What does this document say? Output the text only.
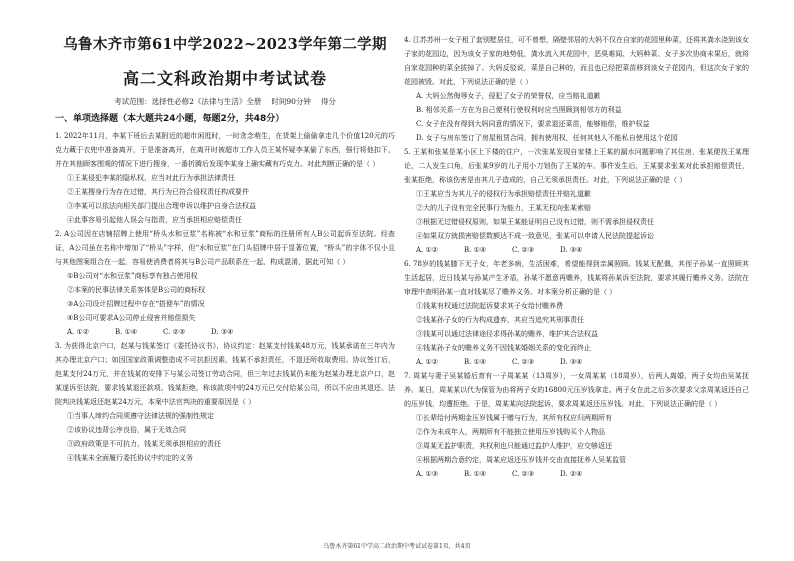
乌鲁木齐市第61中学2022~2023学年第二学期
高二文科政治期中考试试卷
考试范围：选择性必修2《法律与生活》全册 时间90分钟 得分
一、单项选择题（本大题共24小题，每题2分，共48分）
1. 2022年11月，李某下班后去某附近的超市闲逛时，一时贪念萌生，在货架上偷偷拿走几个价值120元的巧克力藏于衣兜中准备离开，于是准备离开，在离开时被超市工作人员王某怀疑李某偷了东西，强行将他扣下，并在其他顾客围观的情况下进行搜身，一番折腾后发现李某身上确实藏有巧克力。对此判断正确的是（ ）
①王某侵犯李某的隐私权，应当对此行为承担法律责任
②王某搜身行为存在过错，其行为已符合侵权责任构成要件
③李某可以依法向相关部门提出合理申诉以维护自身合法权益
④此事容易引起他人误会与指责，应当承担相应赔偿责任
2. A公司因在店铺招牌上使用“桥头水和豆浆”名称被“水和豆浆”商标的注册所有人B公司起诉至法院。经查证，A公司虽在名称中增加了“桥头”字样，但“水和豆浆”在门头招牌中居于显著位置，“桥头”的字体不仅小且与其他图案组合在一起，容易使消费者将其与B公司产品联系在一起，构成混淆，据此可知（ ）
①B公司对“水和豆浆”商标享有独占使用权
②本案的民事法律关系客体是B公司的商标权
③A公司设计招牌过程中存在“搭便车”的情况
④B公司可要求A公司停止侵害并赔偿损失
A. ①②	B. ①④	C. ②③	D. ③④
3. 为获得北京户口，赵某与钱某签订《委托协议书》，协议约定：赵某支付钱某48万元，钱某承诺在三年内为其办理北京户口；如因国家政策调整造成不可抗拒因素，钱某不承担责任，不退还所收取费用。协议签订后，赵某支付24万元，并在钱某的安排下与某公司签订劳动合同，但三年过去钱某仍未能为赵某办理北京户口，赵某遂诉至法院，要求钱某退还款项。钱某拒绝，称该款项中的24万元已交付给某公司，所以不应由其退还。法院判决钱某返还赵某24万元，本案中法官判决的重要原因是（ ）
①当事人缔约合同须遵守法律法规的强制性规定
②该协议违背公序良俗，属于无效合同
③政府政策是不可抗力，钱某无须承担相应的责任
④钱某未全面履行委托协议中约定的义务
4. 江苏苏州一女子租了套别墅居住，可不曾想，隔壁邻居的大妈不仅在自家的花园里种菜，还将其粪水浇到该女子家的花园边，因为该女子家的地势低，粪水流入其花园中，恶臭难闻、大妈种菜、女子多次协商未果后，就将自家花园种的菜全拔掉了。大妈反驳说，菜是自己种的，而且也已经把菜苗移到该女子花园内，但这次女子家的花园被毁。对此，下列说法正确的是（ ）
A. 大妈公然侮辱女子，侵犯了女子的荣誉权，应当赔礼道歉
B. 相邻关系一方在为自己便利行使权利时应当照顾到相邻方的利益
C. 女子在没有得到大妈同意的情况下，要求退还菜苗，能够赔偿，维护权益
D. 女子与房东签订了房屋租赁合同，拥有使用权，任何其他人不能私自使用这个花园
5. 王某和张某是某小区上下楼的住户，一次张某发现自家楼上王某的漏水问题影响了其住房，张某便找王某理论，二人发生口角，后张某9岁的儿子用小刀划伤了王某的车。事件发生后，王某要求张某对此承担赔偿责任，张某拒绝，称该伤害是由其儿子造成的，自己无须承担责任。对此，下列说法正确的是（ ）
①王某应当为其儿子的侵权行为承担赔偿责任并赔礼道歉
②大的儿子没有完全民事行为能力，王某无权向张某索赔
③根据无过错侵权原则，如果王某能证明自己没有过错，则不需承担侵权责任
④如果双方就损害赔偿数额达不成一致意见，张某可以申请人民法院提起诉讼
A. ①②	B. ①④	C. ②③	D. ③④
6. 78岁的钱某膝下无子女，年老多病，生活困难，希望能得到亲属照顾。钱某无配偶，其侄子孙某一直照顾其生活起居，近日钱某与孙某产生矛盾，孙某不愿意再赡养，钱某将孙某诉至法院，要求其履行赡养义务。法院在审理中查明孙某一直对钱某尽了赡养义务。对本案分析正确的是（ ）
①钱某有权通过法院起诉要求其子女给付赡养费
②钱某孙子女的行为构成遗弃，其应当追究其刑事责任
③钱某可以通过法律途径求得孙某的赡养，维护其合法权益
④钱某孙子女的赡养义务不因钱某婚姻关系的变化而终止
A. ①②	B. ①④	C. ②③	D. ③④
7. 周某与妻子吴某婚后育有一子周某某（13周岁），一女周某某（18周岁），后两人离婚，两子女均由吴某抚养。某日，周某某以代为保管为由将两子女的16800元压岁钱拿走。两子女在此之后多次要求父亲周某返还自己的压岁钱，均遭拒绝。于是，周某某向法院起诉，要求周某返还压岁钱。对此，下列说法正确的是（ ）
①长辈给付两期金压岁钱属于赠与行为，其所有权应归两期所有
②作为未成年人，两期所有不能独立使用压岁钱购买个人物品
③周某无监护职责，其权利也只能通过监护人维护，应交够返还
④根据两期合意约定，周某应返还压岁钱并交由直接抚养人吴某监管
A. ①③	B. ①④	C. ②③	D. ②④
乌鲁木齐第61中学高二政治期中考试试卷第1页，共4页
